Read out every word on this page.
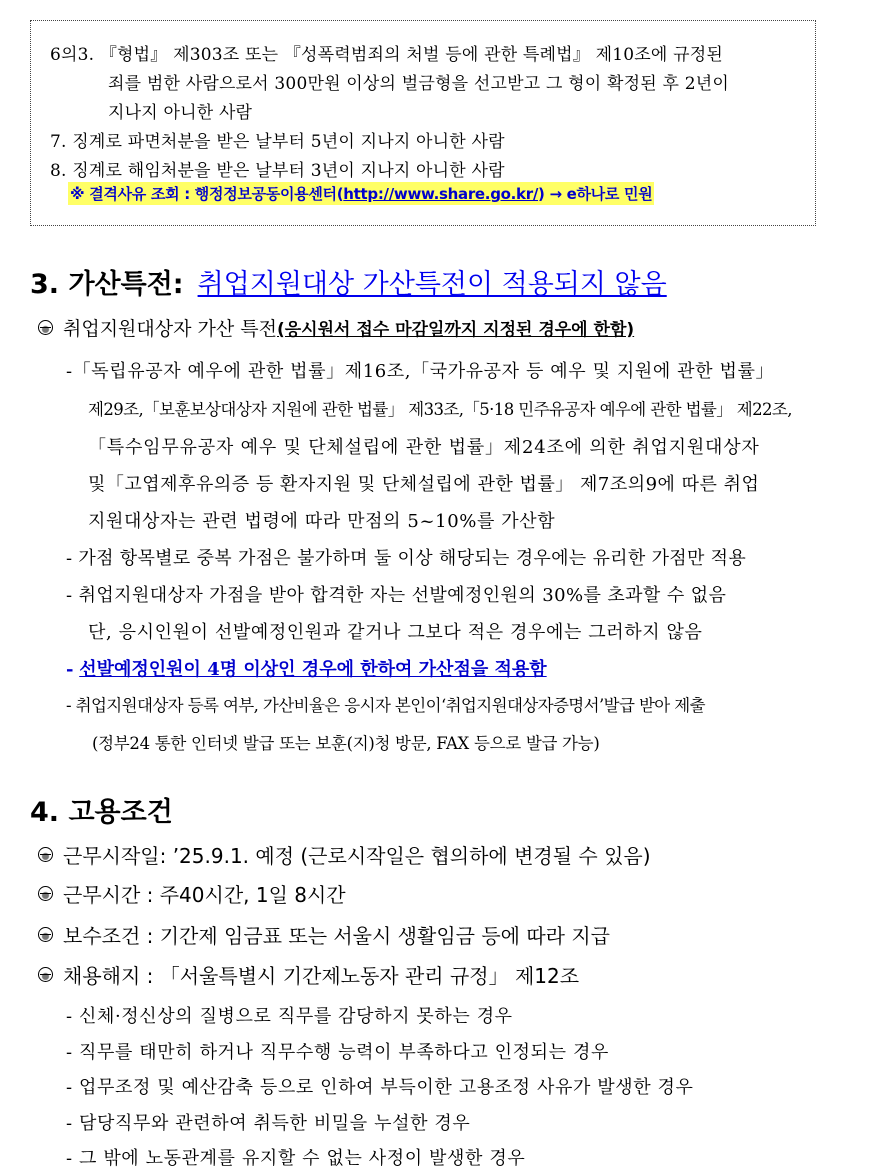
6의3. 『형법』 제303조 또는 『성폭력범죄의 처벌 등에 관한 특례법』 제10조에 규정된
죄를 범한 사람으로서 300만원 이상의 벌금형을 선고받고 그 형이 확정된 후 2년이
지나지 아니한 사람
7. 징계로 파면처분을 받은 날부터 5년이 지나지 아니한 사람
8. 징계로 해임처분을 받은 날부터 3년이 지나지 아니한 사람
※ 결격사유 조회 : 행정정보공동이용센터(http://www.share.go.kr/) → e하나로 민원
3. 가산특전: 취업지원대상 가산특전이 적용되지 않음
취업지원대상자 가산 특전 (응시원서 접수 마감일까지 지정된 경우에 한함)
-「독립유공자 예우에 관한 법률」제16조,「국가유공자 등 예우 및 지원에 관한 법률」
제29조,「보훈보상대상자 지원에 관한 법률」 제33조,「5·18 민주유공자 예우에 관한 법률」 제22조,
「특수임무유공자 예우 및 단체설립에 관한 법률」제24조에 의한 취업지원대상자
및「고엽제후유의증 등 환자지원 및 단체설립에 관한 법률」 제7조의9에 따른 취업
지원대상자는 관련 법령에 따라 만점의 5~10%를 가산함
- 가점 항목별로 중복 가점은 불가하며 둘 이상 해당되는 경우에는 유리한 가점만 적용
- 취업지원대상자 가점을 받아 합격한 자는 선발예정인원의 30%를 초과할 수 없음
단, 응시인원이 선발예정인원과 같거나 그보다 적은 경우에는 그러하지 않음
- 선발예정인원이 4명 이상인 경우에 한하여 가산점을 적용함
- 취업지원대상자 등록 여부, 가산비율은 응시자 본인이‘취업지원대상자증명서’발급 받아 제출
(정부24 통한 인터넷 발급 또는 보훈(지)청 방문, FAX 등으로 발급 가능)
4. 고용조건
근무시작일: ’25.9.1. 예정 (근로시작일은 협의하에 변경될 수 있음)
근무시간 : 주40시간, 1일 8시간
보수조건 : 기간제 임금표 또는 서울시 생활임금 등에 따라 지급
채용해지 : 「서울특별시 기간제노동자 관리 규정」 제12조
- 신체·정신상의 질병으로 직무를 감당하지 못하는 경우
- 직무를 태만히 하거나 직무수행 능력이 부족하다고 인정되는 경우
- 업무조정 및 예산감축 등으로 인하여 부득이한 고용조정 사유가 발생한 경우
- 담당직무와 관련하여 취득한 비밀을 누설한 경우
- 그 밖에 노동관계를 유지할 수 없는 사정이 발생한 경우
